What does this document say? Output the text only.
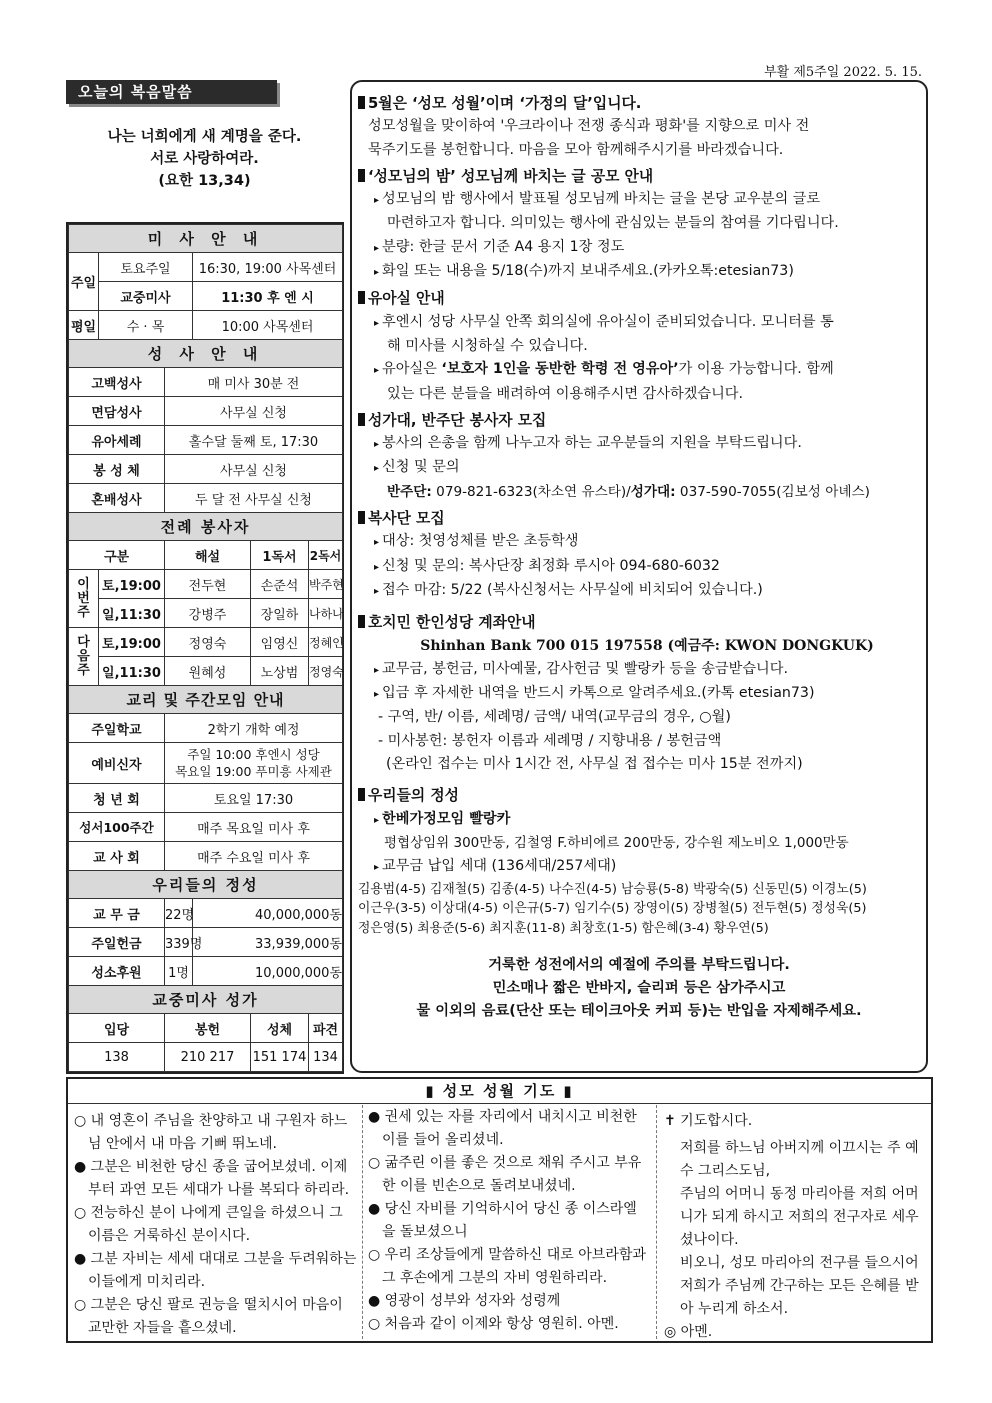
부활 제5주일 2022. 5. 15.
오늘의 복음말씀
나는 너희에게 새 계명을 준다.
서로 사랑하여라.
(요한 13,34)
미 사 안 내					
주일	토요주일		16:30, 19:00 사목센터		
	교중미사		11:30 후 엔 시		
평일	수 · 목		10:00 사목센터		
성 사 안 내					
고백성사		매 미사 30분 전			
면담성사		사무실 신청			
유아세례		홀수달 둘째 토, 17:30			
봉 성 체		사무실 신청			
혼배성사		두 달 전 사무실 신청			
전례 봉사자					
구분		해설		1독서	2독서

이번주	토,19:00	전두현		손준석	박주현
	일,11:30	강병주		장일하	나하나

다음주	토,19:00	정영숙		임영신	정혜인
	일,11:30	원혜성		노상범	정영숙
교리 및 주간모임 안내					
주일학교		2학기 개학 예정			
예비신자		주일 10:00 후엔시 성당
목요일 19:00 푸미흥 사제관			

청 년 회		토요일 17:30			
성서100주간		매주 목요일 미사 후			
교 사 회		매주 수요일 미사 후			
우리들의 정성					
교 무 금		22명	40,000,000동		
주일헌금		339명	33,939,000동		
성소후원		1명	10,000,000동		
교중미사 성가					
입당		봉헌		성체	파견
138		210 217		151 174	134
5월은 ‘성모 성월’이며 ‘가정의 달’입니다.
성모성월을 맞이하여 '우크라이나 전쟁 종식과 평화'를 지향으로 미사 전
묵주기도를 봉헌합니다. 마음을 모아 함께해주시기를 바라겠습니다.
‘성모님의 밤’ 성모님께 바치는 글 공모 안내
▸ 성모님의 밤 행사에서 발표될 성모님께 바치는 글을 본당 교우분의 글로
마련하고자 합니다. 의미있는 행사에 관심있는 분들의 참여를 기다립니다.
▸ 분량: 한글 문서 기준 A4 용지 1장 정도
▸ 화일 또는 내용을 5/18(수)까지 보내주세요.(카카오톡:etesian73)
유아실 안내
▸ 후엔시 성당 사무실 안쪽 회의실에 유아실이 준비되었습니다. 모니터를 통
해 미사를 시청하실 수 있습니다.
▸ 유아실은 ‘보호자 1인을 동반한 학령 전 영유아’가 이용 가능합니다. 함께
있는 다른 분들을 배려하여 이용해주시면 감사하겠습니다.
성가대, 반주단 봉사자 모집
▸ 봉사의 은총을 함께 나누고자 하는 교우분들의 지원을 부탁드립니다.
▸ 신청 및 문의
반주단: 079-821-6323(차소연 유스타)/성가대: 037-590-7055(김보성 아녜스)
복사단 모집
▸ 대상: 첫영성체를 받은 초등학생
▸ 신청 및 문의: 복사단장 최정화 루시아 094-680-6032
▸ 접수 마감: 5/22 (복사신청서는 사무실에 비치되어 있습니다.)
호치민 한인성당 계좌안내
Shinhan Bank 700 015 197558 (예금주: KWON DONGKUK)
▸ 교무금, 봉헌금, 미사예물, 감사헌금 및 빨랑카 등을 송금받습니다.
▸ 입금 후 자세한 내역을 반드시 카톡으로 알려주세요.(카톡 etesian73)
- 구역, 반/ 이름, 세례명/ 금액/ 내역(교무금의 경우, ○월)
- 미사봉헌: 봉헌자 이름과 세례명 / 지향내용 / 봉헌금액
(온라인 접수는 미사 1시간 전, 사무실 접 접수는 미사 15분 전까지)
우리들의 정성
▸ 한베가정모임 빨랑카
평협상임위 300만동, 김철영 F.하비에르 200만동, 강수원 제노비오 1,000만동
▸ 교무금 납입 세대 (136세대/257세대)
김용범(4-5) 김재철(5) 김종(4-5) 나수진(4-5) 남승룡(5-8) 박광숙(5) 신동민(5) 이경노(5)
이근우(3-5) 이상대(4-5) 이은규(5-7) 임기수(5) 장영이(5) 장병철(5) 전두현(5) 정성욱(5)
정은영(5) 최용준(5-6) 최지훈(11-8) 최창호(1-5) 함은혜(3-4) 황우연(5)
거룩한 성전에서의 예절에 주의를 부탁드립니다.
민소매나 짧은 반바지, 슬리퍼 등은 삼가주시고
물 이외의 음료(단산 또는 테이크아웃 커피 등)는 반입을 자제해주세요.
▮ 성모 성월 기도 ▮

○ 내 영혼이 주님을 찬양하고 내 구원자 하느님 안에서 내 마음 기뻐 뛰노네.

● 그분은 비천한 당신 종을 굽어보셨네. 이제부터 과연 모든 세대가 나를 복되다 하리라.

○ 전능하신 분이 나에게 큰일을 하셨으니 그 이름은 거룩하신 분이시다.

● 그분 자비는 세세 대대로 그분을 두려워하는 이들에게 미치리라.

○ 그분은 당신 팔로 권능을 떨치시어 마음이 교만한 자들을 흩으셨네.

● 권세 있는 자를 자리에서 내치시고 비천한 이를 들어 올리셨네.

○ 굶주린 이를 좋은 것으로 채워 주시고 부유한 이를 빈손으로 돌려보내셨네.

● 당신 자비를 기억하시어 당신 종 이스라엘을 돌보셨으니

○ 우리 조상들에게 말씀하신 대로 아브라함과 그 후손에게 그분의 자비 영원하리라.

● 영광이 성부와 성자와 성령께

○ 처음과 같이 이제와 항상 영원히. 아멘.

✝ 기도합시다.
저희를 하느님 아버지께 이끄시는 주 예수 그리스도님,
주님의 어머니 동정 마리아를 저희 어머니가 되게 하시고 저희의 전구자로 세우셨나이다.
비오니, 성모 마리아의 전구를 들으시어 저희가 주님께 간구하는 모든 은혜를 받아 누리게 하소서.
◎ 아멘.
